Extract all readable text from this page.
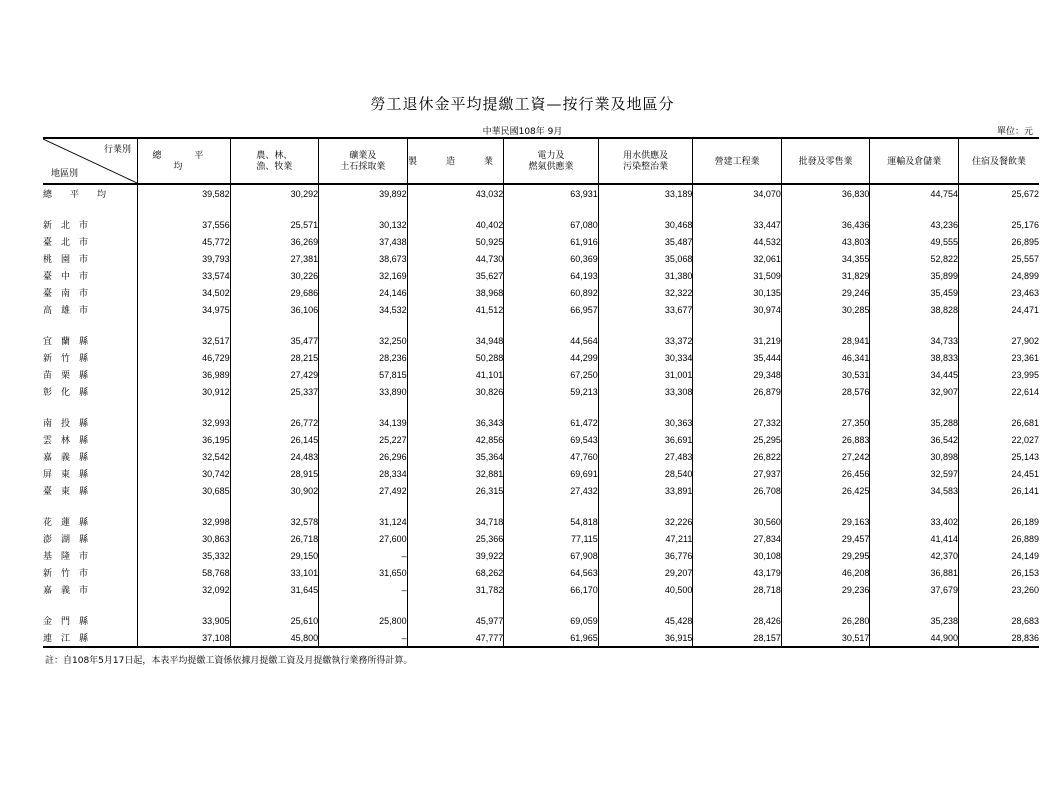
勞工退休金平均提繳工資—按行業及地區分
中華民國108年 9月	單位：元
行業別
地區別	總　平　均	農、林、
漁、牧業	礦業及
土石採取業	製　造　業	電力及
燃氣供應業	用水供應及
污染整治業	營建工程業	批發及零售業	運輸及倉儲業	住宿及餐飲業
總　　平　　均	39,582	30,292	39,892	43,032	63,931	33,189	34,070	36,830	44,754	25,672

新　北　市	37,556	25,571	30,132	40,402	67,080	30,468	33,447	36,436	43,236	25,176
臺　北　市	45,772	36,269	37,438	50,925	61,916	35,487	44,532	43,803	49,555	26,895
桃　園　市	39,793	27,381	38,673	44,730	60,369	35,068	32,061	34,355	52,822	25,557
臺　中　市	33,574	30,226	32,169	35,627	64,193	31,380	31,509	31,829	35,899	24,899
臺　南　市	34,502	29,686	24,146	38,968	60,892	32,322	30,135	29,246	35,459	23,463
高　雄　市	34,975	36,106	34,532	41,512	66,957	33,677	30,974	30,285	38,828	24,471

宜　蘭　縣	32,517	35,477	32,250	34,948	44,564	33,372	31,219	28,941	34,733	27,902
新　竹　縣	46,729	28,215	28,236	50,288	44,299	30,334	35,444	46,341	38,833	23,361
苗　栗　縣	36,989	27,429	57,815	41,101	67,250	31,001	29,348	30,531	34,445	23,995
彰　化　縣	30,912	25,337	33,890	30,826	59,213	33,308	26,879	28,576	32,907	22,614

南　投　縣	32,993	26,772	34,139	36,343	61,472	30,363	27,332	27,350	35,288	26,681
雲　林　縣	36,195	26,145	25,227	42,856	69,543	36,691	25,295	26,883	36,542	22,027
嘉　義　縣	32,542	24,483	26,296	35,364	47,760	27,483	26,822	27,242	30,898	25,143
屏　東　縣	30,742	28,915	28,334	32,881	69,691	28,540	27,937	26,456	32,597	24,451
臺　東　縣	30,685	30,902	27,492	26,315	27,432	33,891	26,708	26,425	34,583	26,141

花　蓮　縣	32,998	32,578	31,124	34,718	54,818	32,226	30,560	29,163	33,402	26,189
澎　湖　縣	30,863	26,718	27,600	25,366	77,115	47,211	27,834	29,457	41,414	26,889
基　隆　市	35,332	29,150	–	39,922	67,908	36,776	30,108	29,295	42,370	24,149
新　竹　市	58,768	33,101	31,650	68,262	64,563	29,207	43,179	46,208	36,881	26,153
嘉　義　市	32,092	31,645	–	31,782	66,170	40,500	28,718	29,236	37,679	23,260

金　門　縣	33,905	25,610	25,800	45,977	69,059	45,428	28,426	26,280	35,238	28,683
連　江　縣	37,108	45,800	–	47,777	61,965	36,915	28,157	30,517	44,900	28,836
註：自108年5月17日起，本表平均提繳工資係依據月提繳工資及月提繳執行業務所得計算。
